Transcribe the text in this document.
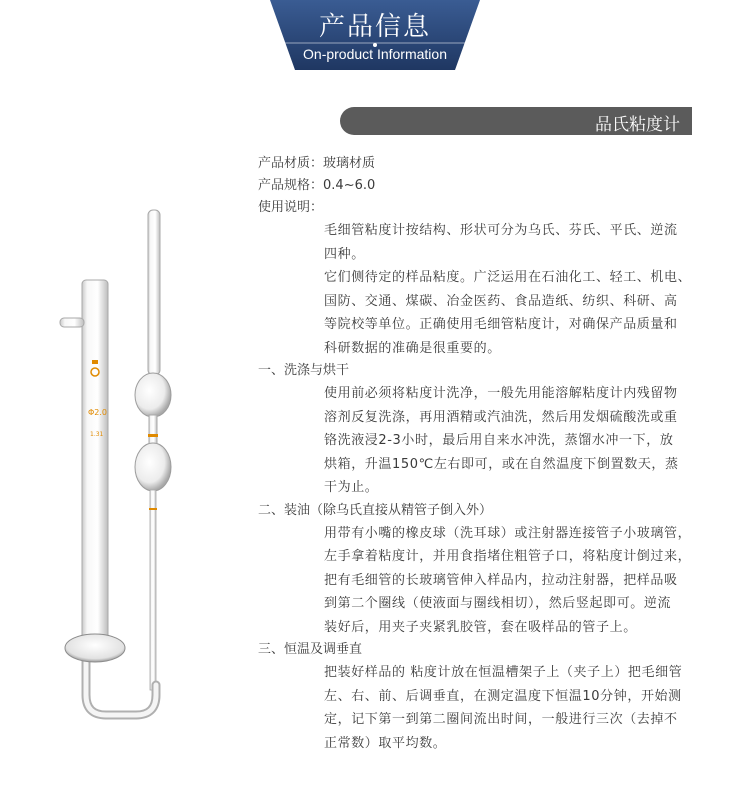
产品信息
On-product Information
品氏粘度计
Φ2.0
1.31
产品材质：玻璃材质
产品规格：0.4~6.0
使用说明：
毛细管粘度计按结构、形状可分为乌氏、芬氏、平氏、逆流
四种。
它们侧待定的样品粘度。广泛运用在石油化工、轻工、机电、
国防、交通、煤碳、冶金医药、食品造纸、纺织、科研、高
等院校等单位。正确使用毛细管粘度计，对确保产品质量和
科研数据的准确是很重要的。
一、洗涤与烘干
使用前必须将粘度计洗净，一般先用能溶解粘度计内残留物
溶剂反复洗涤，再用酒精或汽油洗，然后用发烟硫酸洗或重
铬洗液浸2-3小时，最后用自来水冲洗，蒸馏水冲一下，放
烘箱，升温150℃左右即可，或在自然温度下倒置数天，蒸
干为止。
二、装油（除乌氏直接从精管子倒入外）
用带有小嘴的橡皮球（洗耳球）或注射器连接管子小玻璃管，
左手拿着粘度计，并用食指堵住粗管子口，将粘度计倒过来，
把有毛细管的长玻璃管伸入样品内，拉动注射器，把样品吸
到第二个圈线（使液面与圈线相切），然后竖起即可。逆流
装好后，用夹子夹紧乳胶管，套在吸样品的管子上。
三、恒温及调垂直
把装好样品的 粘度计放在恒温槽架子上（夹子上）把毛细管
左、右、前、后调垂直，在测定温度下恒温10分钟，开始测
定，记下第一到第二圈间流出时间，一般进行三次（去掉不
正常数）取平均数。
